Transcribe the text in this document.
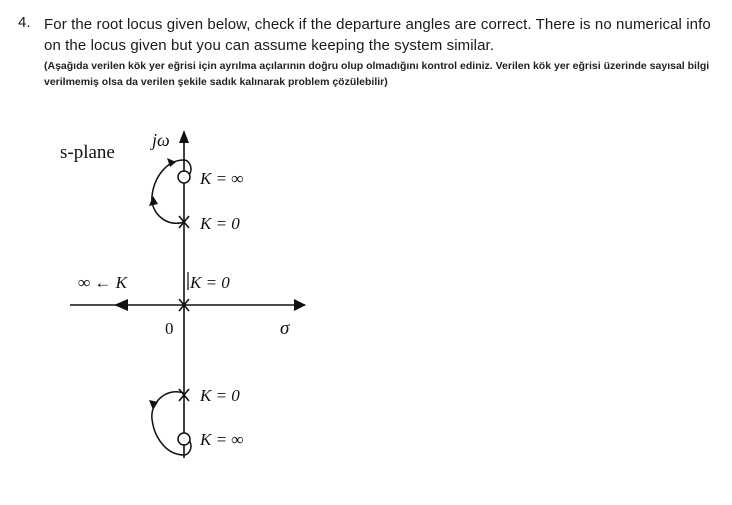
4. For the root locus given below, check if the departure angles are correct. There is no numerical info on the locus given but you can assume keeping the system similar.
(Aşağıda verilen kök yer eğrisi için ayrılma açılarının doğru olup olmadığını kontrol ediniz. Verilen kök yer eğrisi üzerinde sayısal bilgi verilmemiş olsa da verilen şekile sadık kalınarak problem çözülebilir)
s-plane
jω
K = ∞
K = 0
∞ ← K	K = 0
0	σ
K = 0
K = ∞
